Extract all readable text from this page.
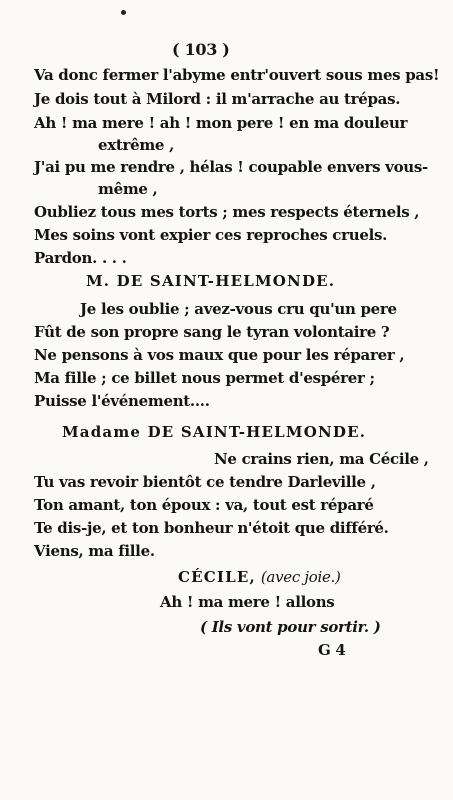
( 103 )
Va donc fermer l'abyme entr'ouvert sous mes pas!
Je dois tout à Milord : il m'arrache au trépas.
Ah ! ma mere ! ah ! mon pere ! en ma douleur
extrême ,
J'ai pu me rendre , hélas ! coupable envers vous-
même ,
Oubliez tous mes torts ; mes respects éternels ,
Mes soins vont expier ces reproches cruels.
Pardon. . . .
M. DE SAINT-HELMONDE.
Je les oublie ; avez-vous cru qu'un pere
Fût de son propre sang le tyran volontaire ?
Ne pensons à vos maux que pour les réparer ,
Ma fille ; ce billet nous permet d'espérer ;
Puisse l'événement....
Madame DE SAINT-HELMONDE.
Ne crains rien, ma Cécile ,
Tu vas revoir bientôt ce tendre Darleville ,
Ton amant, ton époux : va, tout est réparé
Te dis-je, et ton bonheur n'étoit que différé.
Viens, ma fille.
CÉCILE, (avec joie.)
Ah ! ma mere ! allons
( Ils vont pour sortir. )
G 4
